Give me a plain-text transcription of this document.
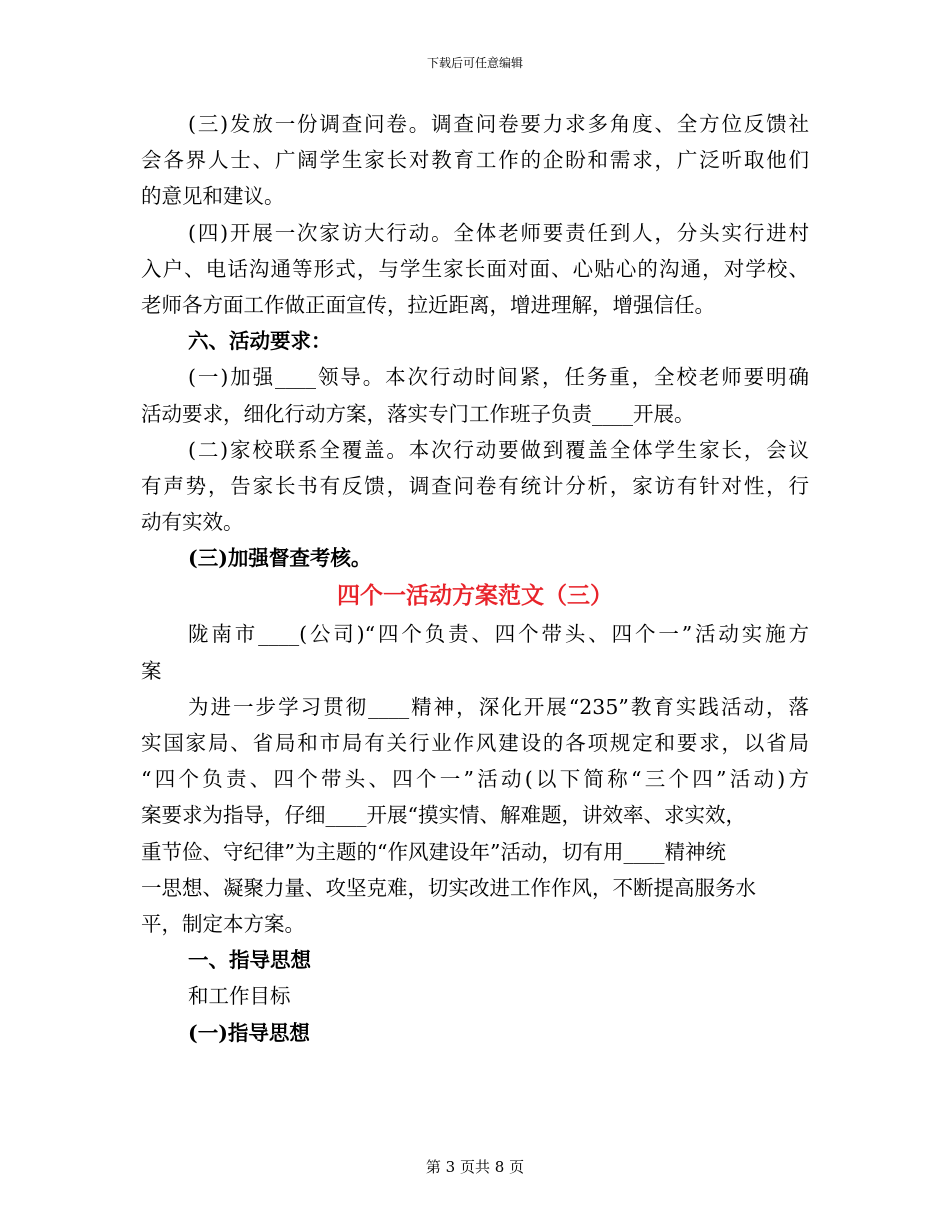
下载后可任意编辑
(三)发放一份调查问卷。调查问卷要力求多角度、全方位反馈社
会各界人士、广阔学生家长对教育工作的企盼和需求，广泛听取他们
的意见和建议。
(四)开展一次家访大行动。全体老师要责任到人，分头实行进村
入户、电话沟通等形式，与学生家长面对面、心贴心的沟通，对学校、
老师各方面工作做正面宣传，拉近距离，增进理解，增强信任。
六、活动要求：
(一)加强____领导。本次行动时间紧，任务重，全校老师要明确
活动要求，细化行动方案，落实专门工作班子负责____开展。
(二)家校联系全覆盖。本次行动要做到覆盖全体学生家长，会议
有声势，告家长书有反馈，调查问卷有统计分析，家访有针对性，行
动有实效。
(三)加强督查考核。
四个一活动方案范文（三）
陇南市____(公司)“四个负责、四个带头、四个一”活动实施方
案
为进一步学习贯彻____精神，深化开展“235”教育实践活动，落
实国家局、省局和市局有关行业作风建设的各项规定和要求，以省局
“四个负责、四个带头、四个一”活动(以下简称“三个四”活动)方
案要求为指导，仔细____开展“摸实情、解难题，讲效率、求实效，
重节俭、守纪律”为主题的“作风建设年”活动，切有用____精神统
一思想、凝聚力量、攻坚克难，切实改进工作作风，不断提高服务水
平，制定本方案。
一、指导思想
和工作目标
(一)指导思想
第 3 页共 8 页
